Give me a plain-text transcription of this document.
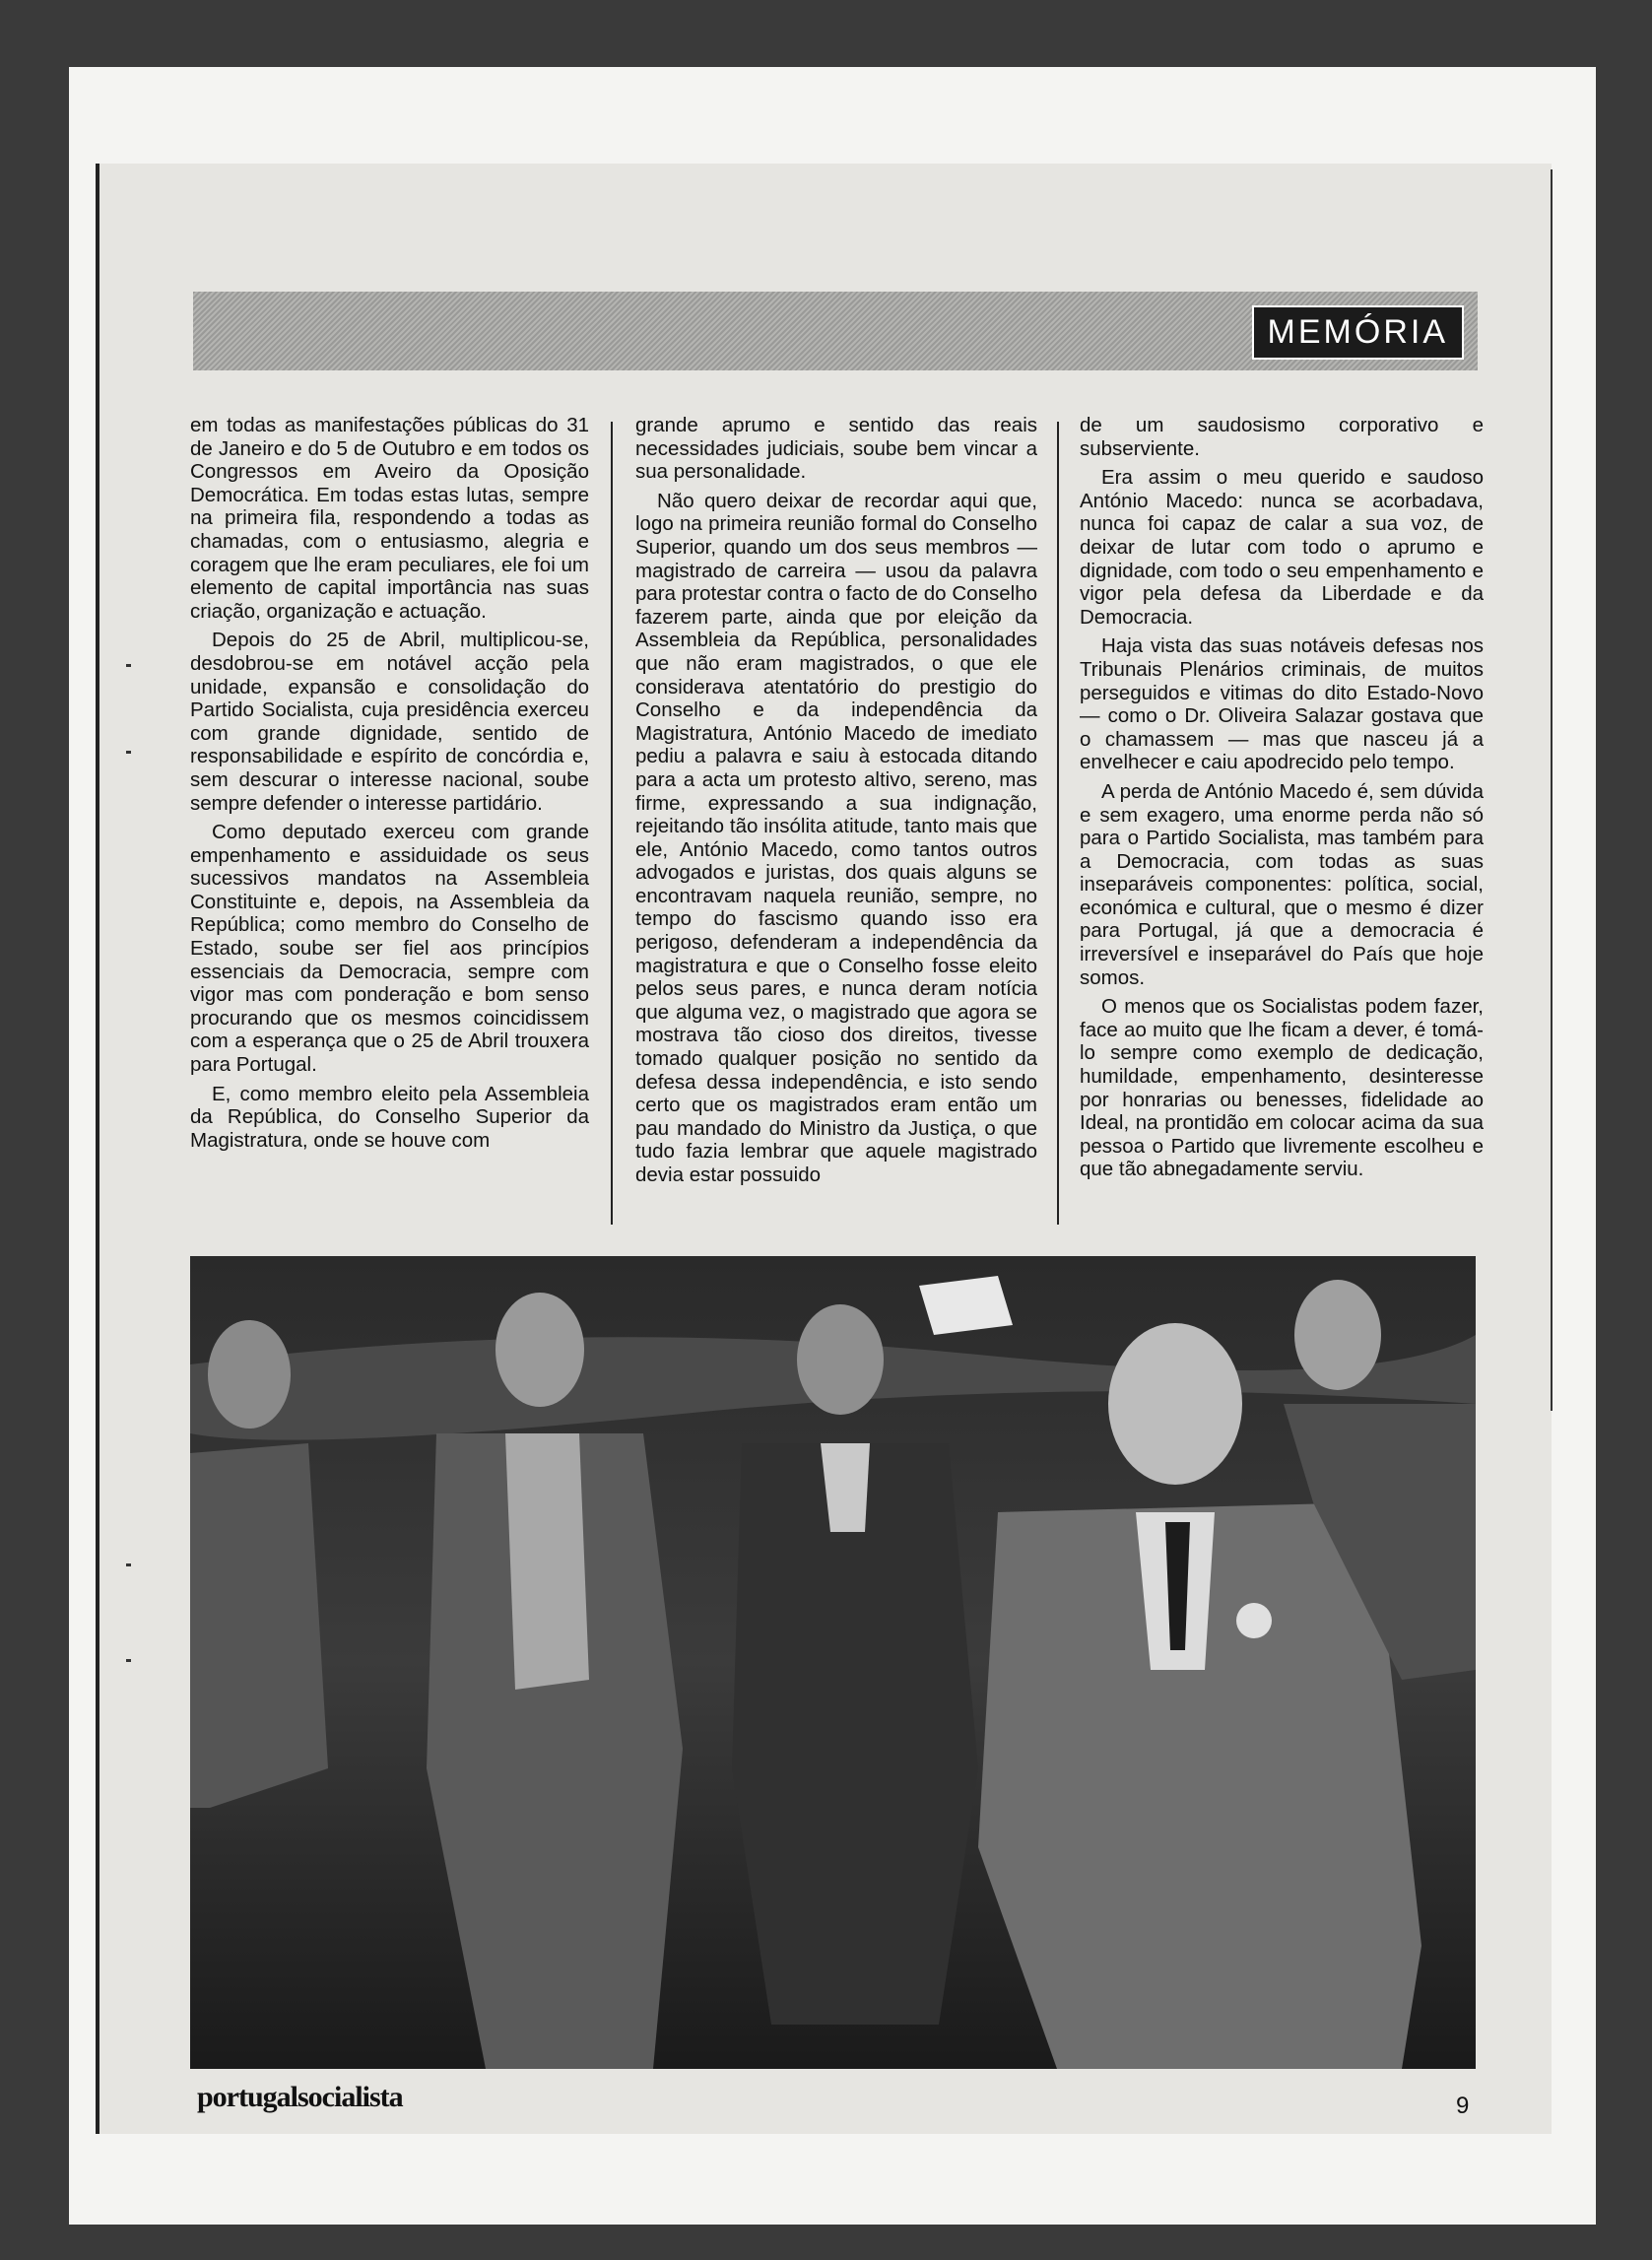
MEMÓRIA

em todas as manifestações públicas do 31 de Janeiro e do 5 de Outubro e em todos os Congressos em Aveiro da Oposição Democrática. Em todas estas lutas, sempre na primeira fila, respondendo a todas as chamadas, com o entusiasmo, alegria e coragem que lhe eram peculiares, ele foi um elemento de capital importância nas suas criação, organização e actuação.

Depois do 25 de Abril, multiplicou-se, desdobrou-se em notável acção pela unidade, expansão e consolidação do Partido Socialista, cuja presidência exerceu com grande dignidade, sentido de responsabilidade e espírito de concórdia e, sem descurar o interesse nacional, soube sempre defender o interesse partidário.

Como deputado exerceu com grande empenhamento e assiduidade os seus sucessivos mandatos na Assembleia Constituinte e, depois, na Assembleia da República; como membro do Conselho de Estado, soube ser fiel aos princípios essenciais da Democracia, sempre com vigor mas com ponderação e bom senso procurando que os mesmos coincidissem com a esperança que o 25 de Abril trouxera para Portugal.

E, como membro eleito pela Assembleia da República, do Conselho Superior da Magistratura, onde se houve com

grande aprumo e sentido das reais necessidades judiciais, soube bem vincar a sua personalidade.

Não quero deixar de recordar aqui que, logo na primeira reunião formal do Conselho Superior, quando um dos seus membros — magistrado de carreira — usou da palavra para protestar contra o facto de do Conselho fazerem parte, ainda que por eleição da Assembleia da República, personalidades que não eram magistrados, o que ele considerava atentatório do prestigio do Conselho e da independência da Magistratura, António Macedo de imediato pediu a palavra e saiu à estocada ditando para a acta um protesto altivo, sereno, mas firme, expressando a sua indignação, rejeitando tão insólita atitude, tanto mais que ele, António Macedo, como tantos outros advogados e juristas, dos quais alguns se encontravam naquela reunião, sempre, no tempo do fascismo quando isso era perigoso, defenderam a independência da magistratura e que o Conselho fosse eleito pelos seus pares, e nunca deram notícia que alguma vez, o magistrado que agora se mostrava tão cioso dos direitos, tivesse tomado qualquer posição no sentido da defesa dessa independência, e isto sendo certo que os magistrados eram então um pau mandado do Ministro da Justiça, o que tudo fazia lembrar que aquele magistrado devia estar possuido

de um saudosismo corporativo e subserviente.

Era assim o meu querido e saudoso António Macedo: nunca se acorbadava, nunca foi capaz de calar a sua voz, de deixar de lutar com todo o aprumo e dignidade, com todo o seu empenhamento e vigor pela defesa da Liberdade e da Democracia.

Haja vista das suas notáveis defesas nos Tribunais Plenários criminais, de muitos perseguidos e vitimas do dito Estado-Novo — como o Dr. Oliveira Salazar gostava que o chamassem — mas que nasceu já a envelhecer e caiu apodrecido pelo tempo.

A perda de António Macedo é, sem dúvida e sem exagero, uma enorme perda não só para o Partido Socialista, mas também para a Democracia, com todas as suas inseparáveis componentes: política, social, económica e cultural, que o mesmo é dizer para Portugal, já que a democracia é irreversível e inseparável do País que hoje somos.

O menos que os Socialistas podem fazer, face ao muito que lhe ficam a dever, é tomá-lo sempre como exemplo de dedicação, humildade, empenhamento, desinteresse por honrarias ou benesses, fidelidade ao Ideal, na prontidão em colocar acima da sua pessoa o Partido que livremente escolheu e que tão abnegadamente serviu.

portugalsocialista	9
